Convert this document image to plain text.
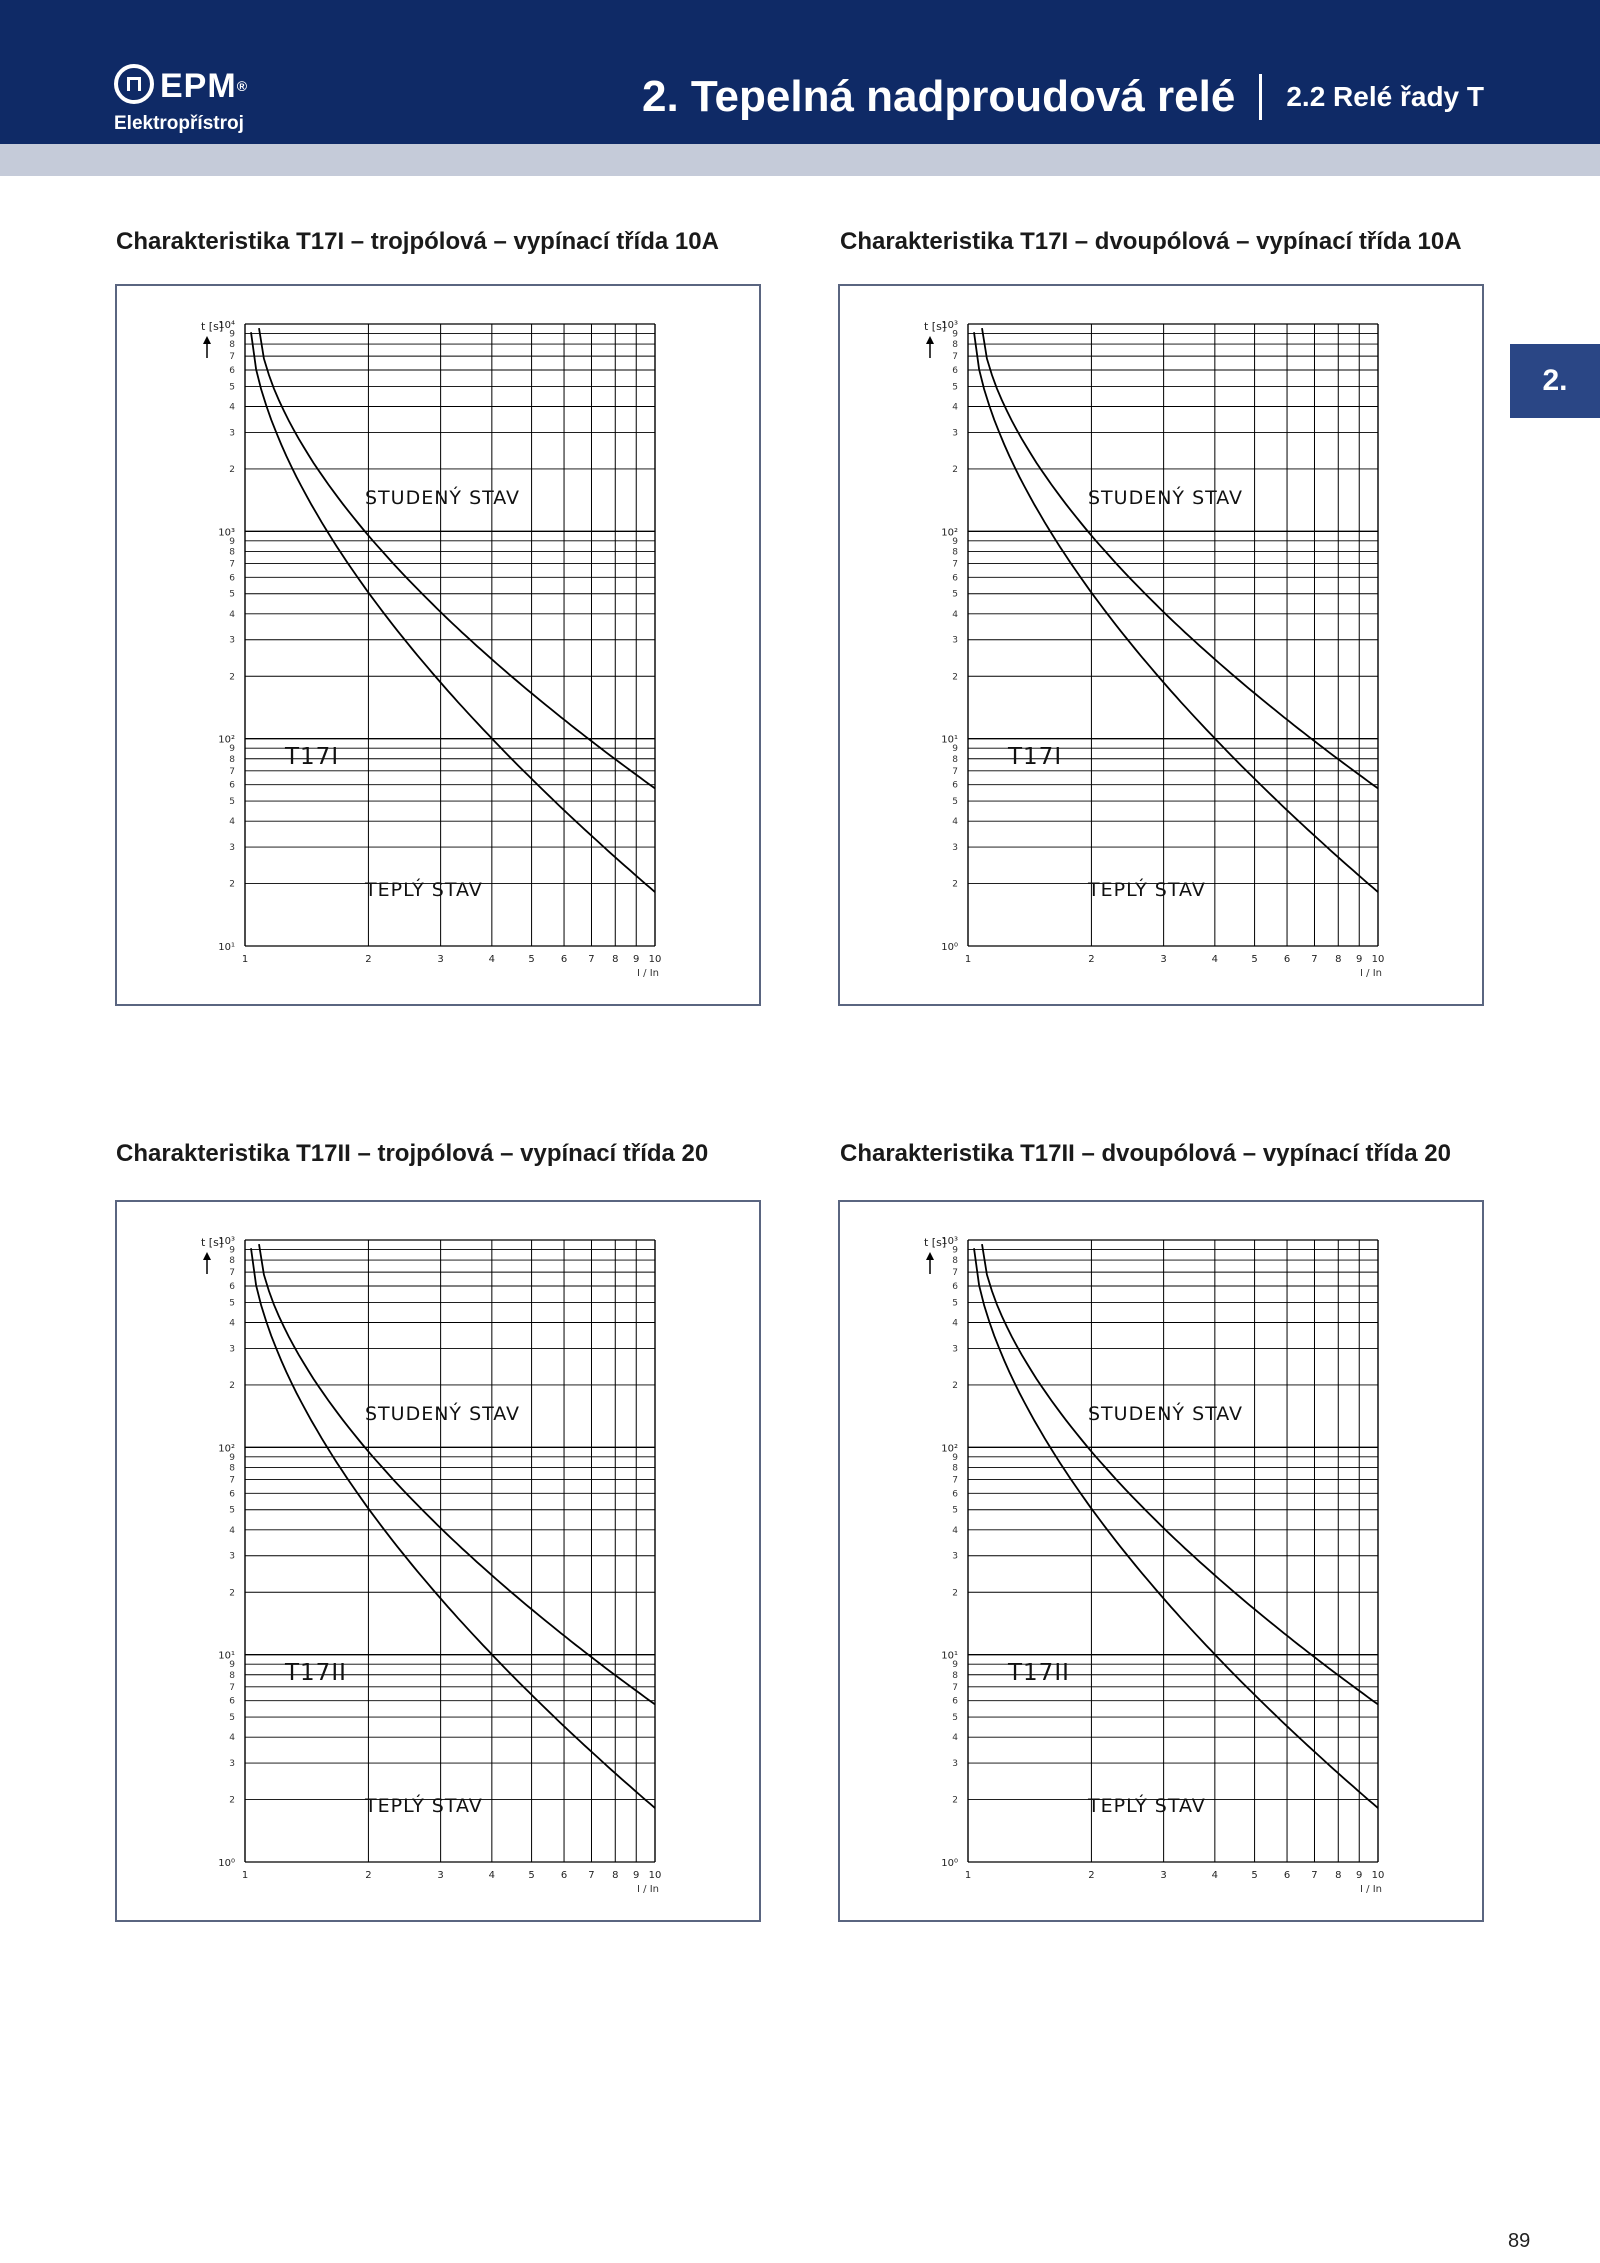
EPM®
Elektropřístroj
2. Tepelná nadproudová relé 2.2 Relé řady T
2.
Charakteristika T17I – trojpólová – vypínací třída 10A
2
3
4
5
6
7
8
9
2
3
4
5
6
7
8
9
2
3
4
5
6
7
8
9
10¹
10²
10³
10⁴
t [s]
1	2	3	4	5	6 7 8 9 10
I / In
STUDENÝ STAV
T17I
TEPLÝ STAV
Charakteristika T17I – dvoupólová – vypínací třída 10A
2
3
4
5
6
7
8
9
2
3
4
5
6
7
8
9
2
3
4
5
6
7
8
9
10⁰
10¹
10²
10³
t [s]
1	2	3	4	5	6 7 8 9 10
I / In
STUDENÝ STAV
T17I
TEPLÝ STAV
Charakteristika T17II – trojpólová – vypínací třída 20
2
3
4
5
6
7
8
9
2
3
4
5
6
7
8
9
2
3
4
5
6
7
8
9
10⁰
10¹
10²
10³
t [s]
1	2	3	4	5	6 7 8 9 10
I / In
STUDENÝ STAV
T17II
TEPLÝ STAV
Charakteristika T17II – dvoupólová – vypínací třída 20
2
3
4
5
6
7
8
9
2
3
4
5
6
7
8
9
2
3
4
5
6
7
8
9
10⁰
10¹
10²
10³
t [s]
1	2	3	4	5	6 7 8 9 10
I / In
STUDENÝ STAV
T17II
TEPLÝ STAV
89
